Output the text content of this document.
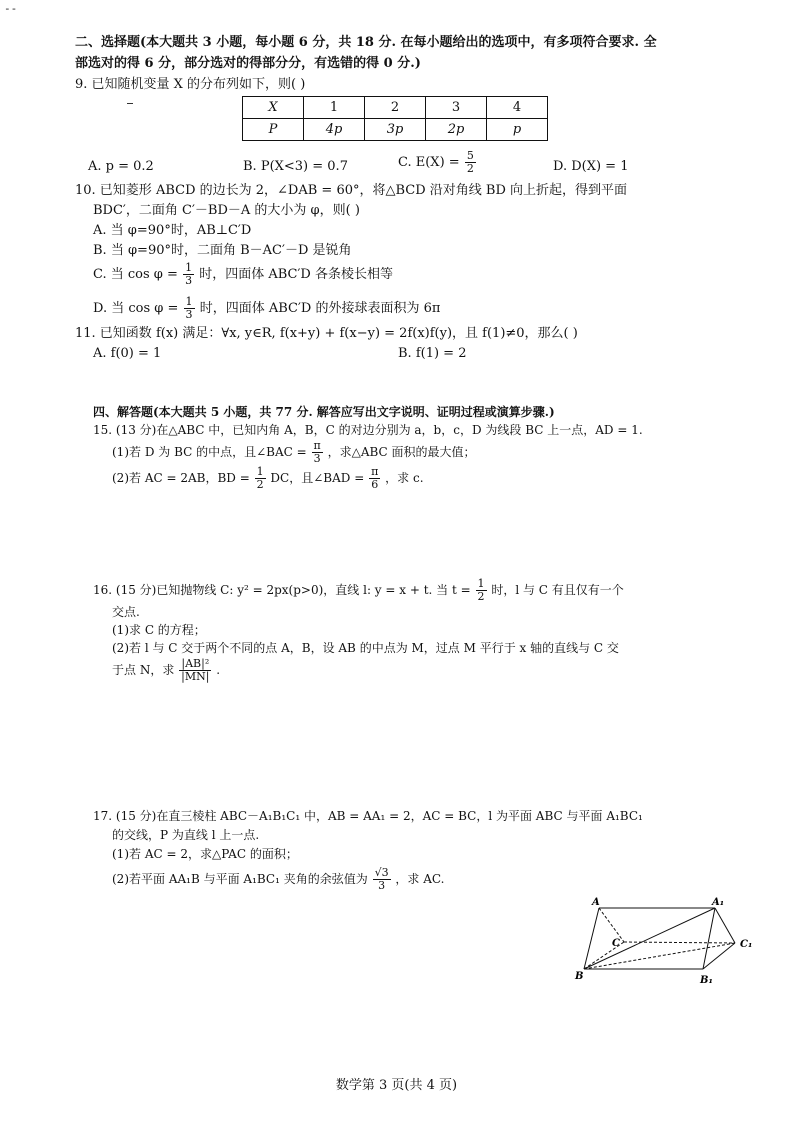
--
二、选择题(本大题共 3 小题，每小题 6 分，共 18 分. 在每小题给出的选项中，有多项符合要求. 全
部选对的得 6 分，部分选对的得部分分，有选错的得 0 分.)
9. 已知随机变量 X 的分布列如下，则( )
X	1	2	3	4
P	4p	3p	2p	p
A. p = 0.2	B. P(X<3) = 0.7	C. $E(X) = \frac{5}{2}$	D. D(X) = 1
10. 已知菱形 ABCD 的边长为 2，∠DAB = 60°，将△BCD 沿对角线 BD 向上折起，得到平面
BDC′，二面角 C′－BD－A 的大小为 φ，则( )
A. 当 φ=90°时，AB⊥C′D
B. 当 φ=90°时，二面角 B－AC′－D 是锐角
C. 当 $\cos \varphi = \frac{1}{3}$ 时，四面体 ABC′D 各条棱长相等
D. 当 $\cos \varphi = \frac{1}{3}$ 时，四面体 ABC′D 的外接球表面积为 6π
11. 已知函数 f(x) 满足：∀x, y∈R, f(x+y) + f(x−y) = 2f(x)f(y)，且 f(1)≠0，那么( )
A. f(0) = 1	B. f(1) = 2
四、解答题(本大题共 5 小题，共 77 分. 解答应写出文字说明、证明过程或演算步骤.)
15. (13 分)在△ABC 中，已知内角 A，B，C 的对边分别为 a，b，c，D 为线段 BC 上一点，AD = 1.
(1)若 D 为 BC 的中点，且∠BAC = $\frac{\pi}{3}$ ，求△ABC 面积的最大值；
(2)若 AC = 2AB，BD = $\frac{1}{2}$ DC，且∠BAD = $\frac{\pi}{6}$ ，求 c.
16. (15 分)已知抛物线 C: y² = 2px(p>0)，直线 l: y = x + t. 当 $t = \frac{1}{2}$ 时，l 与 C 有且仅有一个
交点.
(1)求 C 的方程；
(2)若 l 与 C 交于两个不同的点 A，B，设 AB 的中点为 M，过点 M 平行于 x 轴的直线与 C 交
于点 N，求 $\frac{\text{|AB|²}}{|MN|}$ .
17. (15 分)在直三棱柱 ABC－A₁B₁C₁ 中，AB = AA₁ = 2，AC = BC，l 为平面 ABC 与平面 A₁BC₁
的交线，P 为直线 l 上一点.
(1)若 AC = 2，求△PAC 的面积；
(2)若平面 AA₁B 与平面 A₁BC₁ 夹角的余弦值为 $\frac{√3}{3}$ ，求 AC.
A	A₁
B	B₁
C	C₁
数学第 3 页(共 4 页)
